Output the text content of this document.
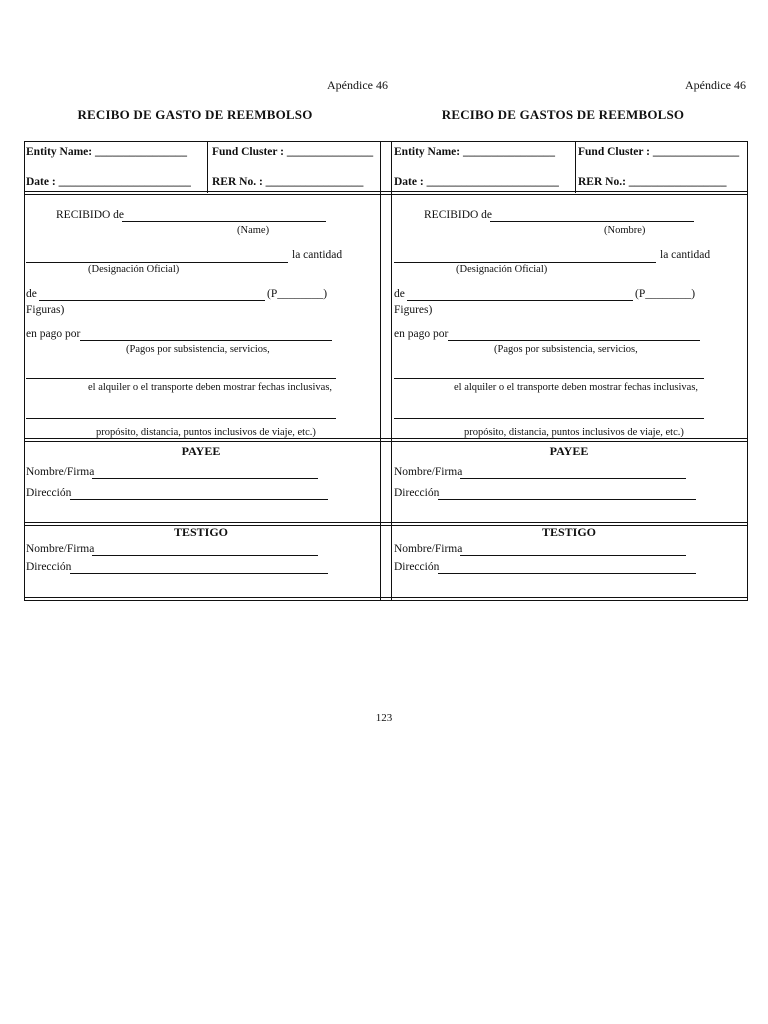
Apéndice 46
RECIBO DE GASTO DE REEMBOLSO
Entity Name: ________________ Fund Cluster : _______________
Date : _______________________ RER No. : _________________
RECIBIDO de
(Name)
la cantidad
(Designación Oficial)
de	(P________)
Figuras)
en pago por
(Pagos por subsistencia, servicios,
el alquiler o el transporte deben mostrar fechas inclusivas,
propósito, distancia, puntos inclusivos de viaje, etc.)
PAYEE
Nombre/Firma
Dirección
TESTIGO
Nombre/Firma
Dirección
Apéndice 46
RECIBO DE GASTOS DE REEMBOLSO
Entity Name: ________________ Fund Cluster : _______________
Date : _______________________ RER No.: _________________
RECIBIDO de
(Nombre)
la cantidad
(Designación Oficial)
de	(P________)
Figures)
en pago por
(Pagos por subsistencia, servicios,
el alquiler o el transporte deben mostrar fechas inclusivas,
propósito, distancia, puntos inclusivos de viaje, etc.)
PAYEE
Nombre/Firma
Dirección
TESTIGO
Nombre/Firma
Dirección
123
